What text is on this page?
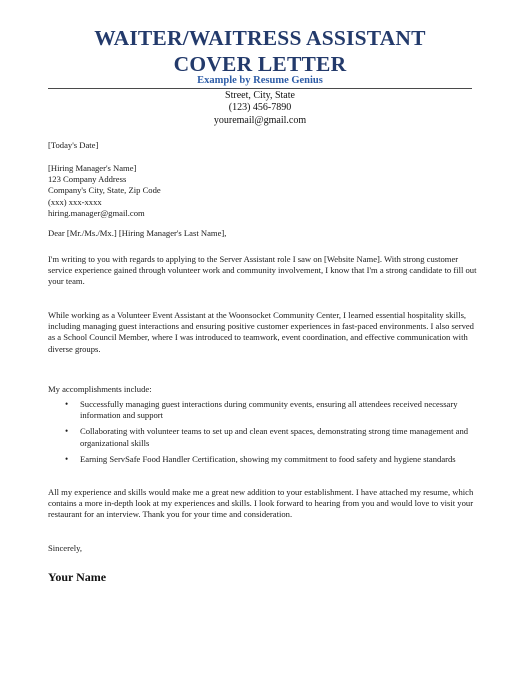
WAITER/WAITRESS ASSISTANT
COVER LETTER
Example by Resume Genius
Street, City, State
(123) 456-7890
youremail@gmail.com
[Today's Date]

[Hiring Manager's Name]

123 Company Address

Company's City, State, Zip Code

(xxx) xxx-xxxx

hiring.manager@gmail.com

Dear [Mr./Ms./Mx.] [Hiring Manager's Last Name],
I'm writing to you with regards to applying to the Server Assistant role I saw on [Website Name]. With strong customer service experience gained through volunteer work and community involvement, I know that I'm a strong candidate to fill out your team.
While working as a Volunteer Event Assistant at the Woonsocket Community Center, I learned essential hospitality skills, including managing guest interactions and ensuring positive customer experiences in fast-paced environments. I also served as a School Council Member, where I was introduced to teamwork, event coordination, and effective communication with diverse groups.
My accomplishments include:
• Successfully managing guest interactions during community events, ensuring all attendees received necessary information and support
• Collaborating with volunteer teams to set up and clean event spaces, demonstrating strong time management and organizational skills
• Earning ServSafe Food Handler Certification, showing my commitment to food safety and hygiene standards
All my experience and skills would make me a great new addition to your establishment. I have attached my resume, which contains a more in-depth look at my experiences and skills. I look forward to hearing from you and would love to visit your restaurant for an interview. Thank you for your time and consideration.
Sincerely,
Your Name
